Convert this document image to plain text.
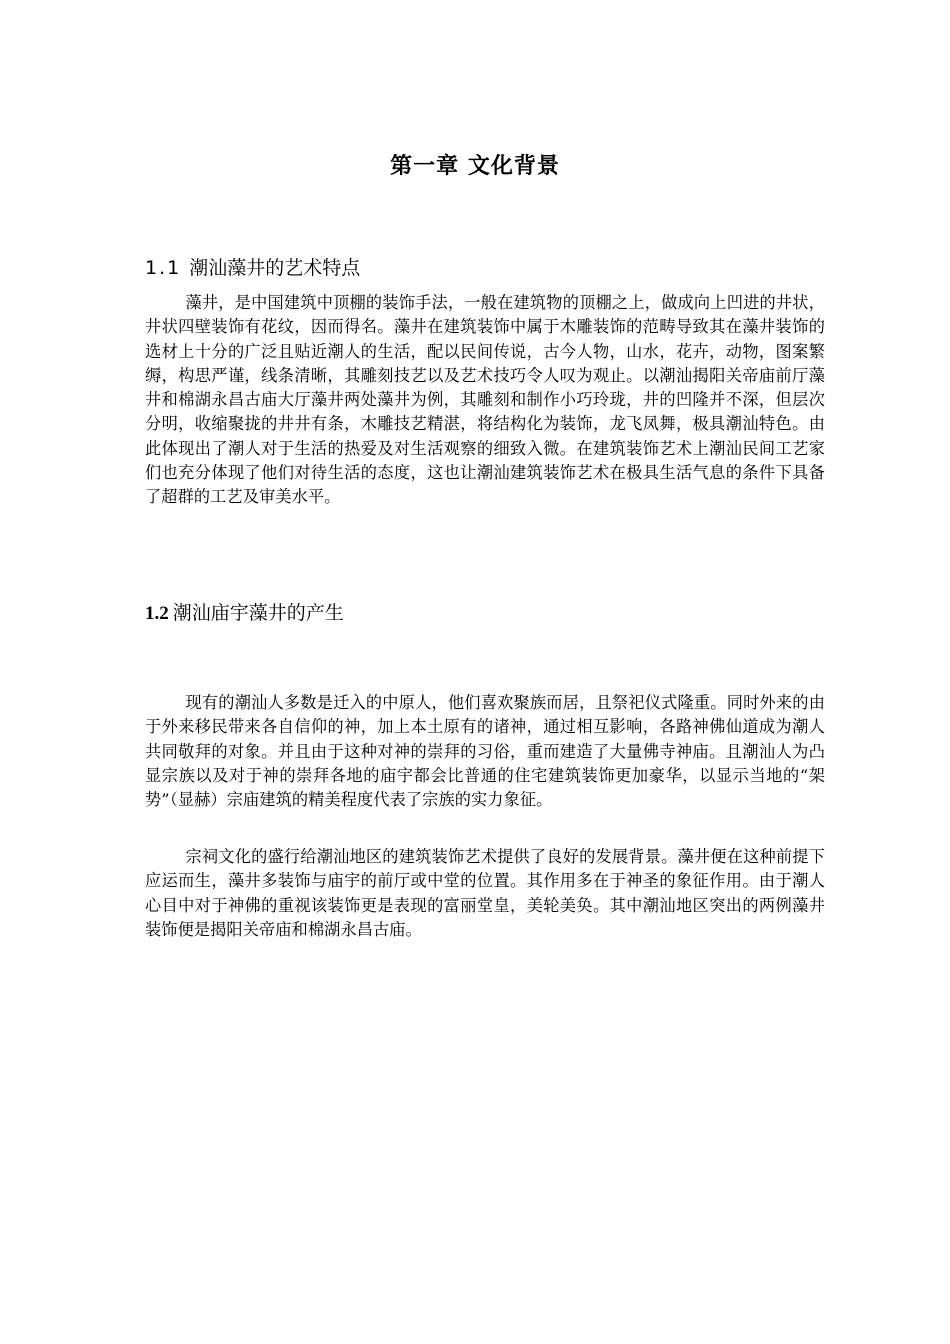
第一章 文化背景
1.1 潮汕藻井的艺术特点

藻井，是中国建筑中顶棚的装饰手法，一般在建筑物的顶棚之上，做成向上凹进的井状，井状四壁装饰有花纹，因而得名。藻井在建筑装饰中属于木雕装饰的范畴导致其在藻井装饰的选材上十分的广泛且贴近潮人的生活，配以民间传说，古今人物，山水，花卉，动物，图案繁缛，构思严谨，线条清晰，其雕刻技艺以及艺术技巧令人叹为观止。以潮汕揭阳关帝庙前厅藻井和棉湖永昌古庙大厅藻井两处藻井为例，其雕刻和制作小巧玲珑，井的凹隆并不深，但层次分明，收缩聚拢的井井有条，木雕技艺精湛，将结构化为装饰，龙飞凤舞，极具潮汕特色。由此体现出了潮人对于生活的热爱及对生活观察的细致入微。在建筑装饰艺术上潮汕民间工艺家们也充分体现了他们对待生活的态度，这也让潮汕建筑装饰艺术在极具生活气息的条件下具备了超群的工艺及审美水平。

1.2 潮汕庙宇藻井的产生

现有的潮汕人多数是迁入的中原人，他们喜欢聚族而居，且祭祀仪式隆重。同时外来的由于外来移民带来各自信仰的神，加上本土原有的诸神，通过相互影响，各路神佛仙道成为潮人共同敬拜的对象。并且由于这种对神的崇拜的习俗，重而建造了大量佛寺神庙。且潮汕人为凸显宗族以及对于神的崇拜各地的庙宇都会比普通的住宅建筑装饰更加豪华，以显示当地的“架势”（显赫）宗庙建筑的精美程度代表了宗族的实力象征。

宗祠文化的盛行给潮汕地区的建筑装饰艺术提供了良好的发展背景。藻井便在这种前提下应运而生，藻井多装饰与庙宇的前厅或中堂的位置。其作用多在于神圣的象征作用。由于潮人心目中对于神佛的重视该装饰更是表现的富丽堂皇，美轮美奂。其中潮汕地区突出的两例藻井装饰便是揭阳关帝庙和棉湖永昌古庙。
